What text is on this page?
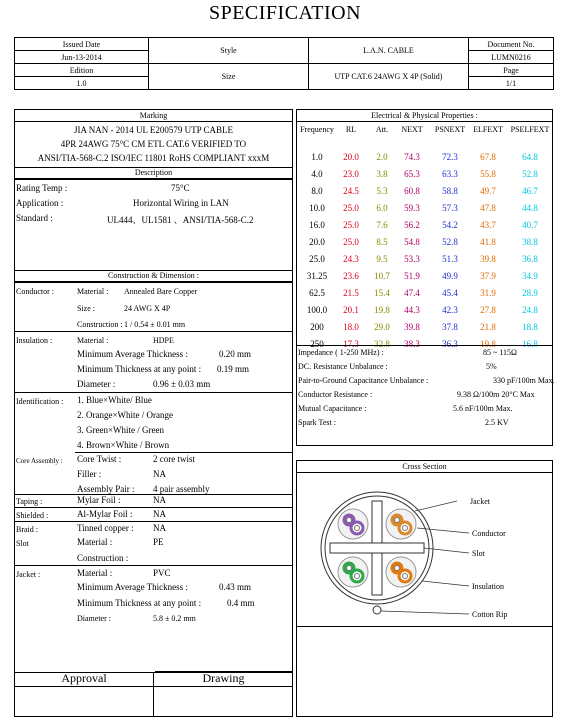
SPECIFICATION
Issued Date	Style	L.A.N. CABLE	Document No.
Jun-13-2014			LUMN0216
Edition	Size	UTP CAT.6 24AWG X 4P (Solid)	Page
1.0			1/1
Marking
JIA NAN - 2014 UL E200579 UTP CABLE
4PR 24AWG 75°C CM ETL CAT.6 VERIFIED TO
ANSI/TIA-568-C.2 ISO/IEC 11801 RoHS COMPLIANT xxxM
Description
Rating Temp :	75°C
Application :	Horizontal Wiring in LAN
Standard :	UL444、UL1581 、ANSI/TIA-568-C.2
Construction & Dimension :
Conductor :	Material : Annealed Bare Copper
Size :	24 AWG X 4P
Construction : 1 / 0.54 ± 0.01 mm
Insulation :	Material :	HDPE
Minimum Average Thickness :	0.20 mm
Minimum Thickness at any point : 0.19 mm
Diameter :	0.96 ± 0.03 mm
Identification : 1. Blue×White/ Blue
2. Orange×White / Orange
3. Green×White / Green
4. Brown×White / Brown
Core Assembly : Core Twist :	2 core twist
Filler :	NA
Assembly Pair : 4 pair assembly
Taping :	Mylar Foil :	NA
Shielded :	Al-Mylar Foil : NA
Braid :	Tinned copper : NA
Slot	Material :	PE
Construction :
Jacket :	Material :	PVC
Minimum Average Thickness :	0.43 mm
Minimum Thickness at any point :	0.4 mm
Diameter :	5.8 ± 0.2 mm
Approval	Drawing
Electrical & Physical Properties :
Frequency	RL	Att.	NEXT	PSNEXT	ELFEXT PSELFEXT
1.0	20.0	2.0	74.3	72.3	67.8	64.8
4.0	23.0	3.8	65.3	63.3	55.8	52.8
8.0	24.5	5.3	60.8	58.8	49.7	46.7
10.0	25.0	6.0	59.3	57.3	47.8	44.8
16.0	25.0	7.6	56.2	54.2	43.7	40.7
20.0	25.0	8.5	54.8	52.8	41.8	38.8
25.0	24.3	9.5	53.3	51.3	39.8	36.8
31.25	23.6	10.7	51.9	49.9	37.9	34.9
62.5	21.5	15.4	47.4	45.4	31.9	28.9
100.0	20.1	19.8	44.3	42.3	27.8	24.8
200	18.0	29.0	39.8	37.8	21.8	18.8
250	17.3	32.8	38.3	36.3	19.8	16.8
Impedance ( 1-250 MHz) :	85 ~ 115Ω
DC. Resistance Unbalance :	5%
Pair-to-Ground Capacitance Unbalance :	330 pF/100m Max.
Conductor Resistance :	9.38 Ω/100m 20°C Max
Mutual Capacitance :	5.6 nF/100m Max.
Spark Test :	2.5 KV
Cross Section
Jacket
Conductor
Slot
Insulation
Cotton Rip
